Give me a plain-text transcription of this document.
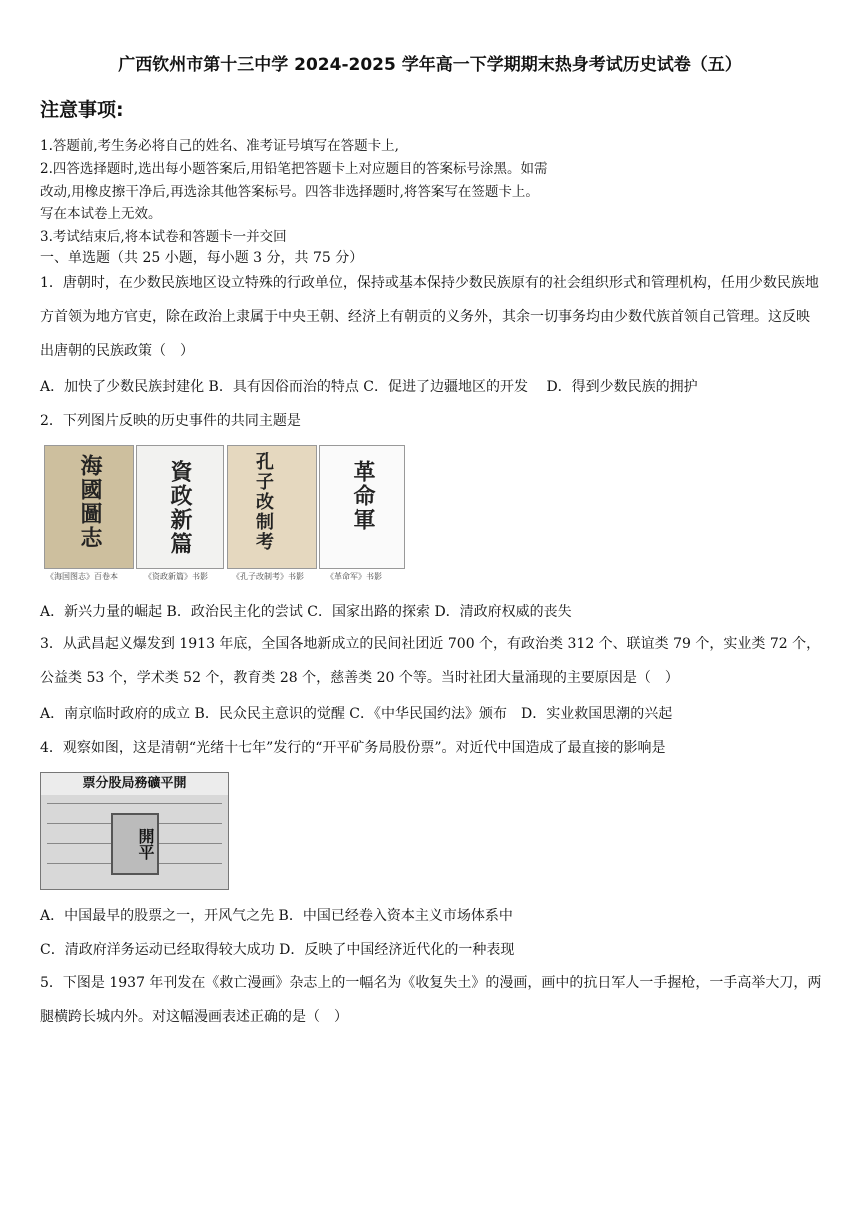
广西钦州市第十三中学 2024-2025 学年高一下学期期末热身考试历史试卷（五）
注意事项:
1.答题前,考生务必将自己的姓名、准考证号填写在答题卡上,
2.四答选择题时,选出每小题答案后,用铅笔把答题卡上对应题目的答案标号涂黑。如需
改动,用橡皮擦干净后,再选涂其他答案标号。四答非选择题时,将答案写在签题卡上。
写在本试卷上无效。
3.考试结束后,将本试卷和答题卡一并交回
一、单选题（共 25 小题，每小题 3 分，共 75 分）
1．唐朝时，在少数民族地区设立特殊的行政单位，保持或基本保持少数民族原有的社会组织形式和管理机构，任用少数民族地方首领为地方官吏，除在政治上隶属于中央王朝、经济上有朝贡的义务外，其余一切事务均由少数代族首领自己管理。这反映出唐朝的民族政策（　）
A．加快了少数民族封建化 B．具有因俗而治的特点 C．促进了边疆地区的开发　 D．得到少数民族的拥护
2．下列图片反映的历史事件的共同主题是
海國圖志	資政新篇	孔子改制考	革命軍
《海国图志》百卷本	《资政新篇》书影	《孔子改制考》书影	《革命军》书影
A．新兴力量的崛起 B．政治民主化的尝试 C．国家出路的探索 D．清政府权威的丧失
3．从武昌起义爆发到 1913 年底，全国各地新成立的民间社团近 700 个，有政治类 312 个、联谊类 79 个，实业类 72 个，公益类 53 个，学术类 52 个，教育类 28 个，慈善类 20 个等。当时社团大量涌现的主要原因是（　）
A．南京临时政府的成立 B．民众民主意识的觉醒 C．《中华民国约法》颁布　D．实业救国思潮的兴起
4．观察如图，这是清朝“光绪十七年”发行的“开平矿务局股份票”。对近代中国造成了最直接的影响是
票分股局務礦平開
開平
A．中国最早的股票之一，开风气之先 B．中国已经卷入资本主义市场体系中
C．清政府洋务运动已经取得较大成功 D．反映了中国经济近代化的一种表现
5．下图是 1937 年刊发在《救亡漫画》杂志上的一幅名为《收复失土》的漫画，画中的抗日军人一手握枪，一手高举大刀，两腿横跨长城内外。对这幅漫画表述正确的是（　）
